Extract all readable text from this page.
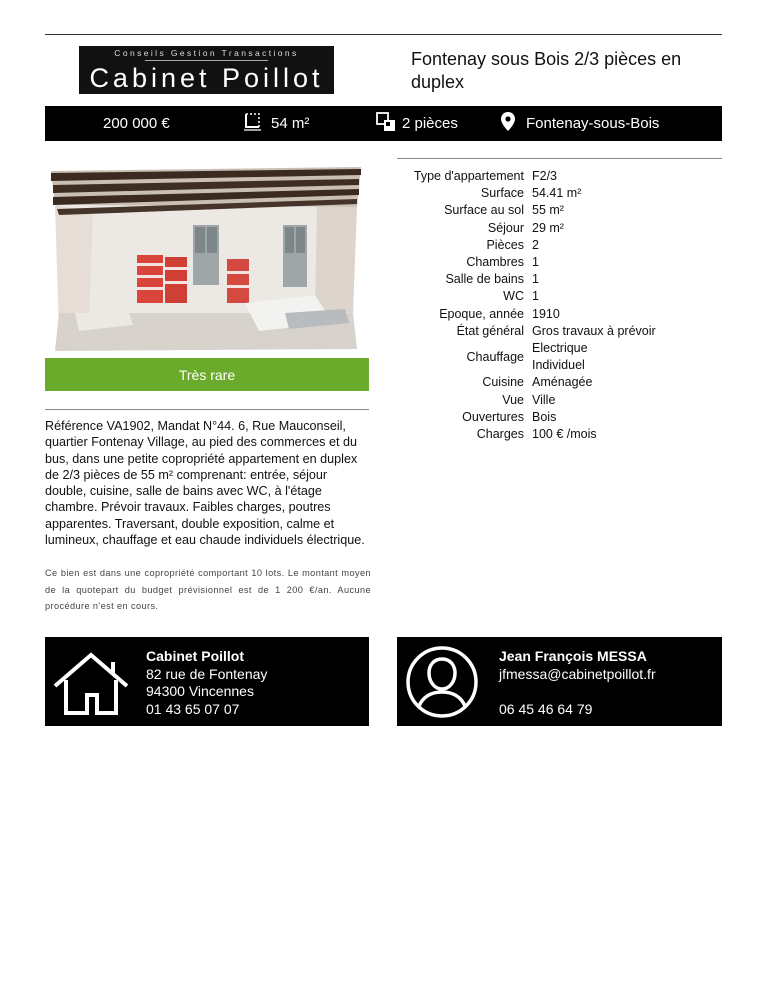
Conseils Gestion Transactions
Cabinet Poillot
Fontenay sous Bois 2/3 pièces en duplex
200 000 €	54 m²	2 pièces	Fontenay-sous-Bois
Très rare
Référence VA1902, Mandat N°44. 6, Rue Mauconseil, quartier Fontenay Village, au pied des commerces et du bus, dans une petite copropriété appartement en duplex de 2/3 pièces de 55 m² comprenant: entrée, séjour double, cuisine, salle de bains avec WC, à l'étage chambre. Prévoir travaux. Faibles charges, poutres apparentes. Traversant, double exposition, calme et lumineux, chauffage et eau chaude individuels électrique.
Ce bien est dans une copropriété comportant 10 lots. Le montant moyen de la quotepart du budget prévisionnel est de 1 200 €/an. Aucune procédure n'est en cours.
Type d'appartement F2/3
Surface 54.41 m²
Surface au sol 55 m²
Séjour 29 m²
Pièces 2
Chambres 1
Salle de bains 1
WC 1
Epoque, année 1910
État général Gros travaux à prévoir
Chauffage
Electrique
Individuel
Cuisine Aménagée
Vue Ville
Ouvertures Bois
Charges 100 € /mois
Cabinet Poillot
82 rue de Fontenay
94300 Vincennes
01 43 65 07 07
Jean François MESSA
jfmessa@cabinetpoillot.fr
06 45 46 64 79
